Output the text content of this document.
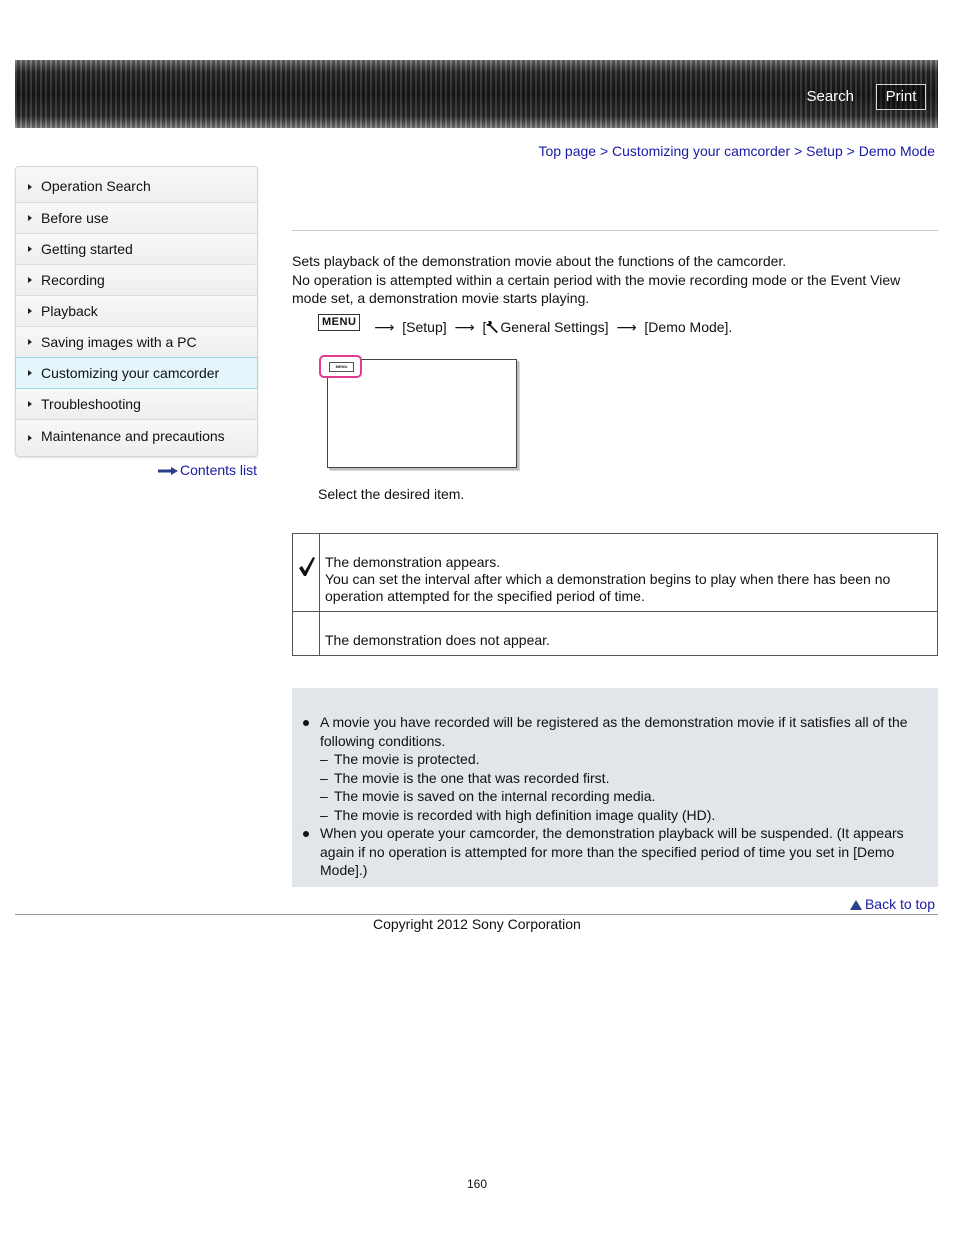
Search	Print
Top page > Customizing your camcorder > Setup > Demo Mode
Operation Search
Before use
Getting started
Recording
Playback
Saving images with a PC
Customizing your camcorder
Troubleshooting
Maintenance and precautions
Contents list
Sets playback of the demonstration movie about the functions of the camcorder.
No operation is attempted within a certain period with the movie recording mode or the Event View mode set, a demonstration movie starts playing.
MENU ⟶ [Setup] ⟶ [ General Settings] ⟶ [Demo Mode].
MENU
Select the desired item.

The demonstration appears.
You can set the interval after which a demonstration begins to play when there has been no operation attempted for the specified period of time.

	The demonstration does not appear.
A movie you have recorded will be registered as the demonstration movie if it satisfies all of the following conditions.
– The movie is protected.
– The movie is the one that was recorded first.
– The movie is saved on the internal recording media.
– The movie is recorded with high definition image quality (HD).
When you operate your camcorder, the demonstration playback will be suspended. (It appears again if no operation is attempted for more than the specified period of time you set in [Demo Mode].)
Back to top
Copyright 2012 Sony Corporation
160
